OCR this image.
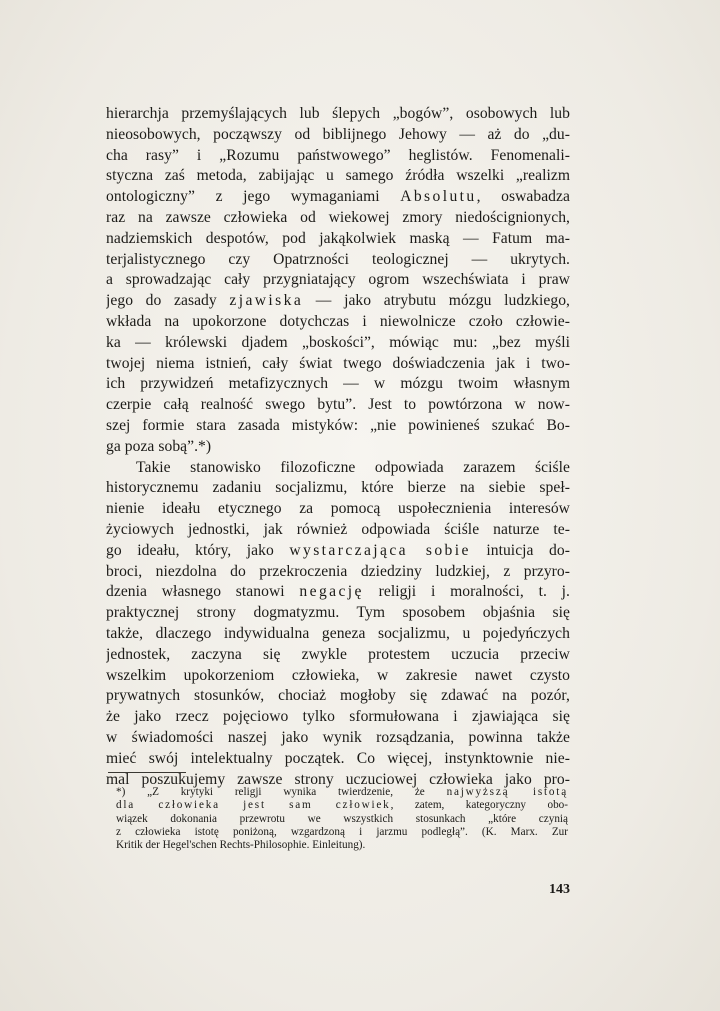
hierarchja przemyślających lub ślepych „bogów”, osobowych lub
nieosobowych, począwszy od biblijnego Jehowy — aż do „du-
cha rasy” i „Rozumu państwowego” heglistów. Fenomenali-
styczna zaś metoda, zabijając u samego źródła wszelki „realizm
ontologiczny” z jego wymaganiami Absolutu, oswabadza
raz na zawsze człowieka od wiekowej zmory niedoścignionych,
nadziemskich despotów, pod jakąkolwiek maską — Fatum ma-
terjalistycznego czy Opatrzności teologicznej — ukrytych.
a sprowadzając cały przygniatający ogrom wszechświata i praw
jego do zasady zjawiska — jako atrybutu mózgu ludzkiego,
wkłada na upokorzone dotychczas i niewolnicze czoło człowie-
ka — królewski djadem „boskości”, mówiąc mu: „bez myśli
twojej niema istnień, cały świat twego doświadczenia jak i two-
ich przywidzeń metafizycznych — w mózgu twoim własnym
czerpie całą realność swego bytu”. Jest to powtórzona w now-
szej formie stara zasada mistyków: „nie powinieneś szukać Bo-
ga poza sobą”.*)
Takie stanowisko filozoficzne odpowiada zarazem ściśle
historycznemu zadaniu socjalizmu, które bierze na siebie speł-
nienie ideału etycznego za pomocą uspołecznienia interesów
życiowych jednostki, jak również odpowiada ściśle naturze te-
go ideału, który, jako wystarczająca sobie intuicja do-
broci, niezdolna do przekroczenia dziedziny ludzkiej, z przyro-
dzenia własnego stanowi negację religji i moralności, t. j.
praktycznej strony dogmatyzmu. Tym sposobem objaśnia się
także, dlaczego indywidualna geneza socjalizmu, u pojedyńczych
jednostek, zaczyna się zwykle protestem uczucia przeciw
wszelkim upokorzeniom człowieka, w zakresie nawet czysto
prywatnych stosunków, chociaż mogłoby się zdawać na pozór,
że jako rzecz pojęciowo tylko sformułowana i zjawiająca się
w świadomości naszej jako wynik rozsądzania, powinna także
mieć swój intelektualny początek. Co więcej, instynktownie nie-
mal poszukujemy zawsze strony uczuciowej człowieka jako pro-
*) „Z krytyki religji wynika twierdzenie, że najwyższą istotą
dla człowieka jest sam człowiek, zatem, kategoryczny obo-
wiązek dokonania przewrotu we wszystkich stosunkach „które czynią
z człowieka istotę poniżoną, wzgardzoną i jarzmu podległą”. (K. Marx. Zur
Kritik der Hegel'schen Rechts-Philosophie. Einleitung).
143
